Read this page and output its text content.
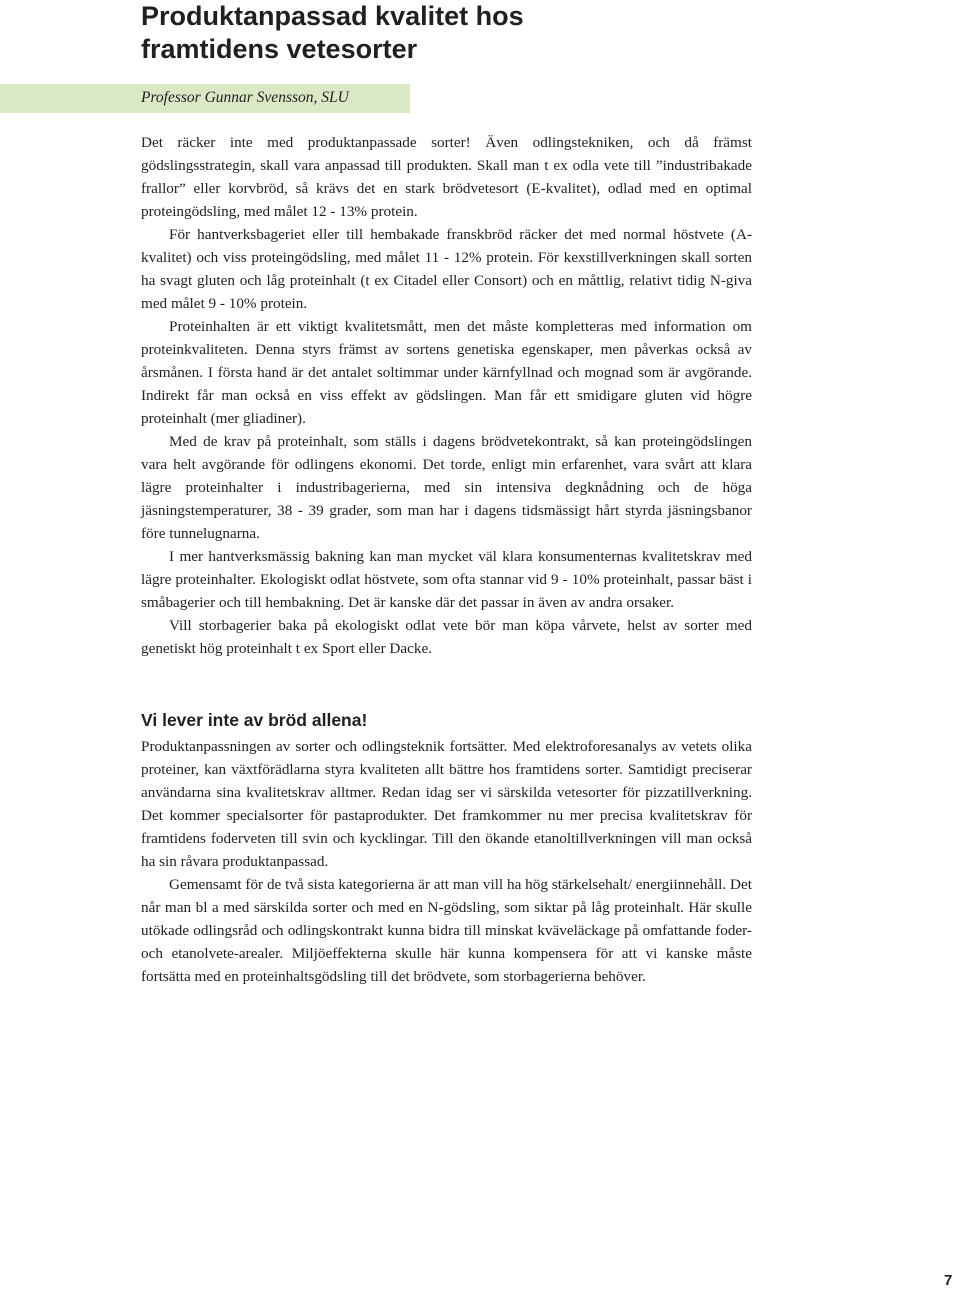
Produktanpassad kvalitet hos
framtidens vetesorter
Professor Gunnar Svensson, SLU

Det räcker inte med produktanpassade sorter! Även odlingstekniken, och då främst gödslingsstrategin, skall vara anpassad till produkten. Skall man t ex odla vete till ”industribakade frallor” eller korvbröd, så krävs det en stark brödvetesort (E-kvalitet), odlad med en optimal proteingödsling, med målet 12 - 13% protein.

För hantverksbageriet eller till hembakade franskbröd räcker det med normal höstvete (A-kvalitet) och viss proteingödsling, med målet 11 - 12% protein. För kexstillverkningen skall sorten ha svagt gluten och låg proteinhalt (t ex Citadel eller Consort) och en måttlig, relativt tidig N-giva med målet 9 - 10% protein.

Proteinhalten är ett viktigt kvalitetsmått, men det måste kompletteras med information om proteinkvaliteten. Denna styrs främst av sortens genetiska egenskaper, men påverkas också av årsmånen. I första hand är det antalet soltimmar under kärnfyllnad och mognad som är avgörande. Indirekt får man också en viss effekt av gödslingen. Man får ett smidigare gluten vid högre proteinhalt (mer gliadiner).

Med de krav på proteinhalt, som ställs i dagens brödvetekontrakt, så kan proteingödslingen vara helt avgörande för odlingens ekonomi. Det torde, enligt min erfarenhet, vara svårt att klara lägre proteinhalter i industribagerierna, med sin intensiva degknådning och de höga jäsningstemperaturer, 38 - 39 grader, som man har i dagens tidsmässigt hårt styrda jäsningsbanor före tunnelugnarna.

I mer hantverksmässig bakning kan man mycket väl klara konsumenternas kvalitetskrav med lägre proteinhalter. Ekologiskt odlat höstvete, som ofta stannar vid 9 - 10% proteinhalt, passar bäst i småbagerier och till hembakning. Det är kanske där det passar in även av andra orsaker.

Vill storbagerier baka på ekologiskt odlat vete bör man köpa vårvete, helst av sorter med genetiskt hög proteinhalt t ex Sport eller Dacke.

Vi lever inte av bröd allena!

Produktanpassningen av sorter och odlingsteknik fortsätter. Med elektroforesanalys av vetets olika proteiner, kan växtförädlarna styra kvaliteten allt bättre hos framtidens sorter. Samtidigt preciserar användarna sina kvalitetskrav alltmer. Redan idag ser vi särskilda vetesorter för pizzatillverkning. Det kommer specialsorter för pastaprodukter. Det framkommer nu mer precisa kvalitetskrav för framtidens foderveten till svin och kycklingar. Till den ökande etanoltillverkningen vill man också ha sin råvara produktanpassad.

Gemensamt för de två sista kategorierna är att man vill ha hög stärkelsehalt/ energiinnehåll. Det når man bl a med särskilda sorter och med en N-gödsling, som siktar på låg proteinhalt. Här skulle utökade odlingsråd och odlingskontrakt kunna bidra till minskat kväveläckage på omfattande foder- och etanolvete-arealer. Miljöeffekterna skulle här kunna kompensera för att vi kanske måste fortsätta med en proteinhaltsgödsling till det brödvete, som storbagerierna behöver.

7
